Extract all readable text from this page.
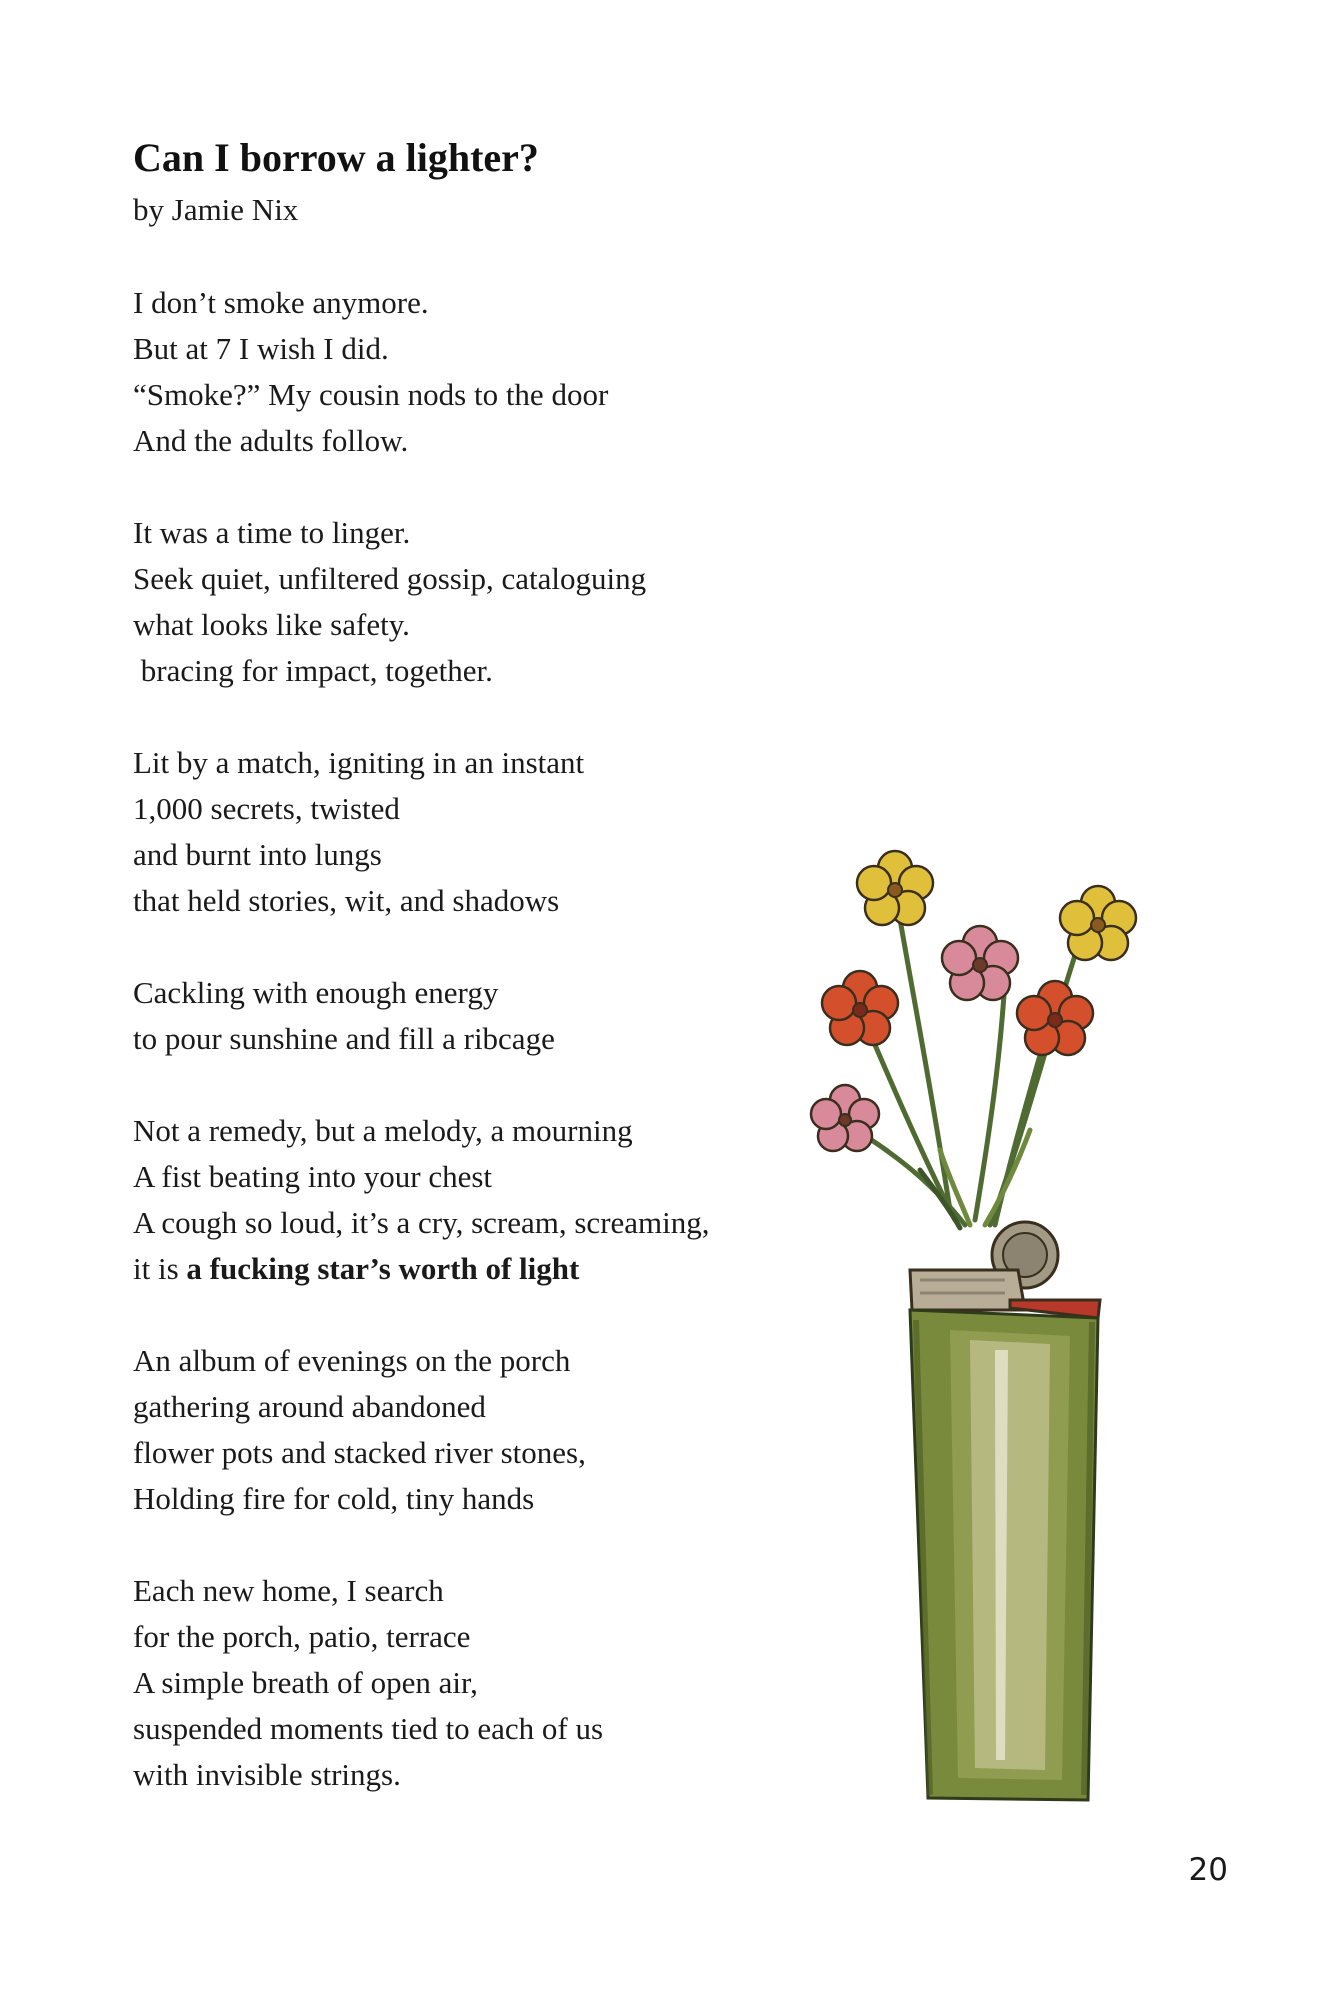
Can I borrow a lighter?

by Jamie Nix

I don’t smoke anymore.
But at 7 I wish I did.
“Smoke?” My cousin nods to the door
And the adults follow.
It was a time to linger.
Seek quiet, unfiltered gossip, cataloguing
what looks like safety.
bracing for impact, together.
Lit by a match, igniting in an instant
1,000 secrets, twisted
and burnt into lungs
that held stories, wit, and shadows
Cackling with enough energy
to pour sunshine and fill a ribcage
Not a remedy, but a melody, a mourning
A fist beating into your chest
A cough so loud, it’s a cry, scream, screaming,
it is a fucking star’s worth of light
An album of evenings on the porch
gathering around abandoned
flower pots and stacked river stones,
Holding fire for cold, tiny hands
Each new home, I search
for the porch, patio, terrace
A simple breath of open air,
suspended moments tied to each of us
with invisible strings.
20
